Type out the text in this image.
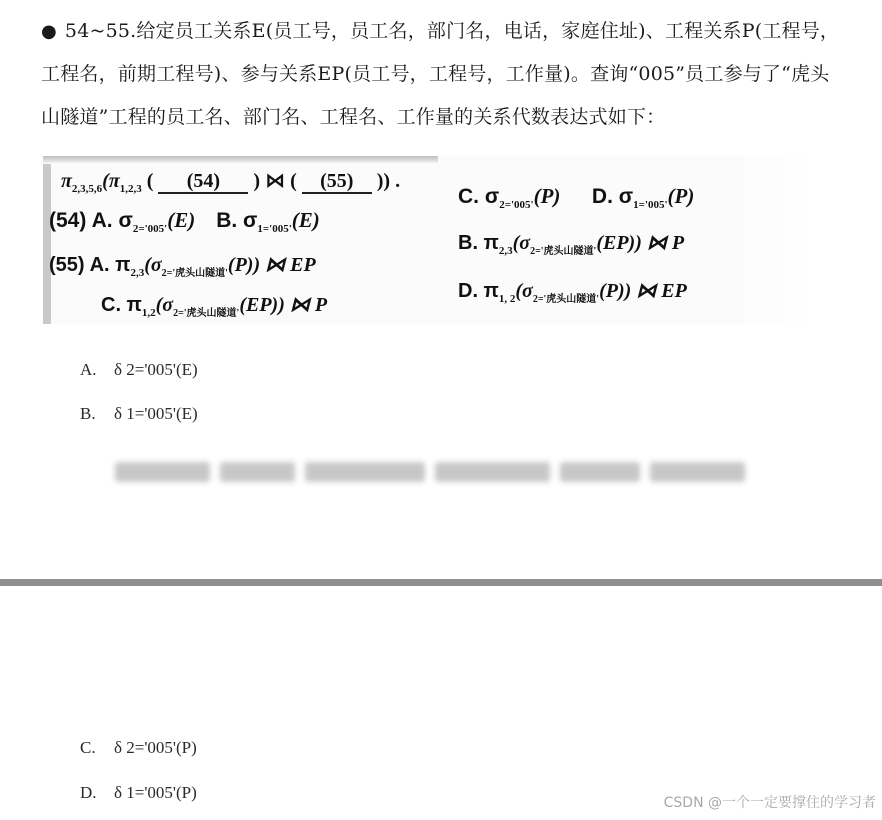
● 54~55.给定员工关系E(员工号，员工名，部门名，电话，家庭住址)、工程关系P(工程号，工程名，前期工程号)、参与关系EP(员工号，工程号，工作量)。查询“005”员工参与了“虎头山隧道”工程的员工名、部门名、工程名、工作量的关系代数表达式如下：
$\pi_{2,3,5,6}(\pi_{1,2,3}$ ( (54) ) ⋈ ( (55) )) .
(54) A. $\sigma_{2='005'}(E)$ B. $\sigma_{1='005'}(E)$
C. $\sigma_{2='005'}(P)$ D. $\sigma_{1='005'}(P)$
(55) A. $\pi_{2,3}(\sigma_{2='虎头山隧道'}(P))$ ⋈ EP
B. $\pi_{2,3}(\sigma_{2='虎头山隧道'}(EP))$ ⋈ P
C. $\pi_{1,2}(\sigma_{2='虎头山隧道'}(EP))$ ⋈ P
D. $\pi_{1, 2}(\sigma_{2='虎头山隧道'}(P))$ ⋈ EP
A. δ 2='005'(E)
B. δ 1='005'(E)
C. δ 2='005'(P)
D. δ 1='005'(P)
CSDN @一个一定要撑住的学习者
